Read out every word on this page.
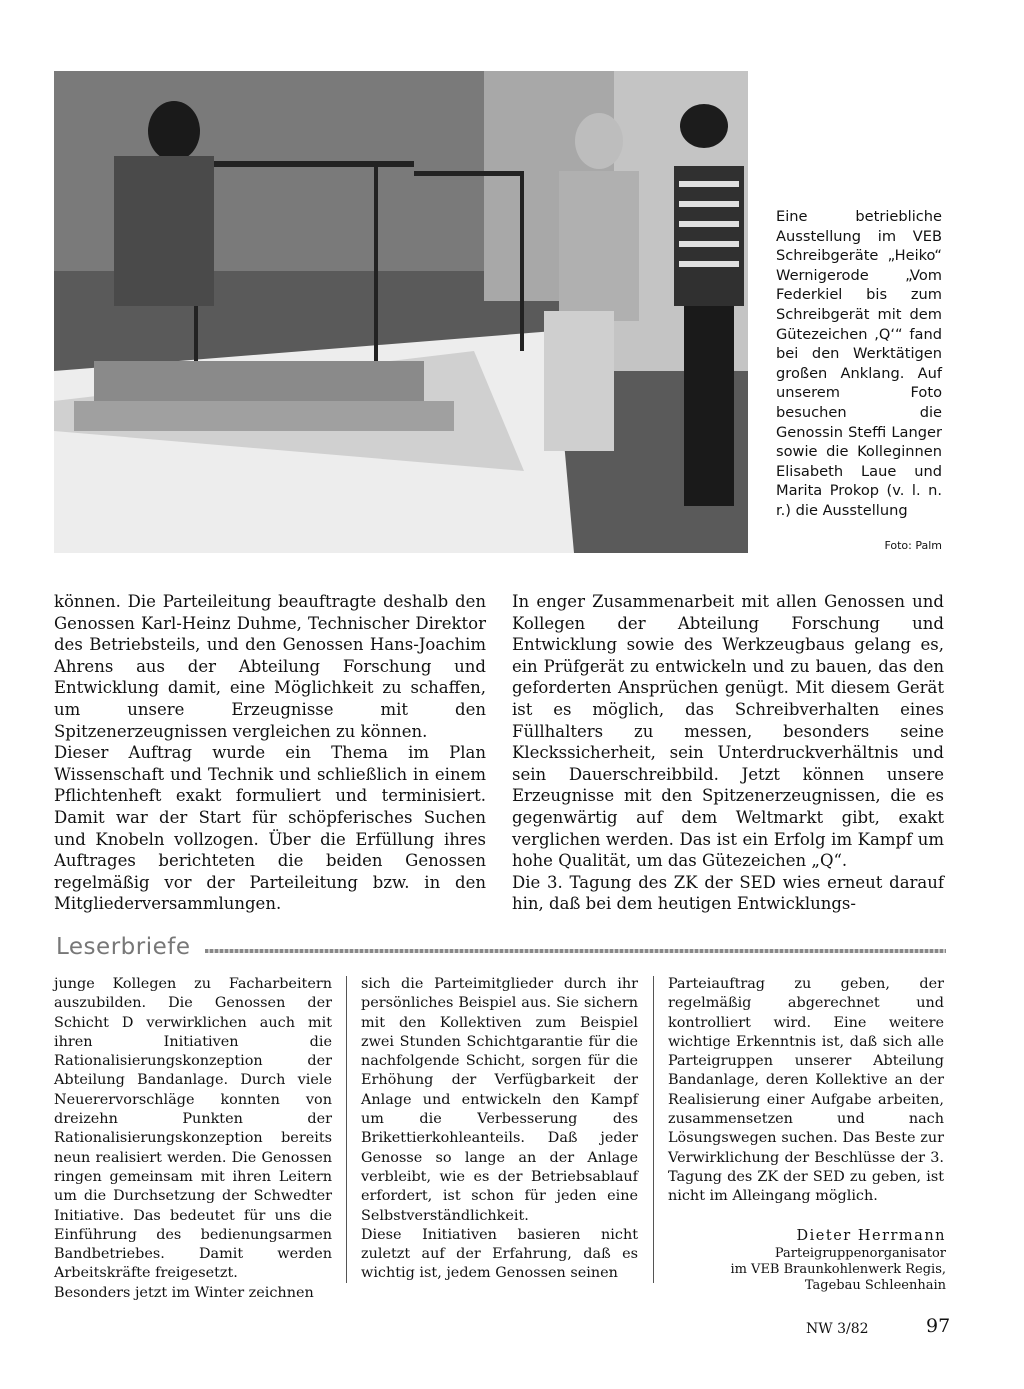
Eine betriebliche Ausstellung im VEB Schreibgeräte „Heiko“ Wernigerode „Vom Federkiel bis zum Schreibgerät mit dem Gütezeichen ,Q‘“ fand bei den Werktätigen großen Anklang. Auf unserem Foto besuchen die Genossin Steffi Langer sowie die Kolleginnen Elisabeth Laue und Marita Prokop (v. l. n. r.) die Ausstellung
Foto: Palm

können. Die Parteileitung beauftragte deshalb den Genossen Karl-Heinz Duhme, Technischer Direktor des Betriebsteils, und den Genossen Hans-Joachim Ahrens aus der Abteilung Forschung und Entwicklung damit, eine Möglichkeit zu schaffen, um unsere Erzeugnisse mit den Spitzenerzeugnissen vergleichen zu können.

Dieser Auftrag wurde ein Thema im Plan Wissenschaft und Technik und schließlich in einem Pflichtenheft exakt formuliert und terminisiert. Damit war der Start für schöpferisches Suchen und Knobeln vollzogen. Über die Erfüllung ihres Auftrages berichteten die beiden Genossen regelmäßig vor der Parteileitung bzw. in den Mitgliederversammlungen.

In enger Zusammenarbeit mit allen Genossen und Kollegen der Abteilung Forschung und Entwicklung sowie des Werkzeugbaus gelang es, ein Prüfgerät zu entwickeln und zu bauen, das den geforderten Ansprüchen genügt. Mit diesem Gerät ist es möglich, das Schreibverhalten eines Füllhalters zu messen, besonders seine Kleckssicherheit, sein Unterdruckverhältnis und sein Dauerschreibbild. Jetzt können unsere Erzeugnisse mit den Spitzenerzeugnissen, die es gegenwärtig auf dem Weltmarkt gibt, exakt verglichen werden. Das ist ein Erfolg im Kampf um hohe Qualität, um das Gütezeichen „Q“.

Die 3. Tagung des ZK der SED wies erneut darauf hin, daß bei dem heutigen Entwicklungs-

Leserbriefe

junge Kollegen zu Facharbeitern auszubilden. Die Genossen der Schicht D verwirklichen auch mit ihren Initiativen die Rationalisierungskonzeption der Abteilung Bandanlage. Durch viele Neuerervorschläge konnten von dreizehn Punkten der Rationalisierungskonzeption bereits neun realisiert werden. Die Genossen ringen gemeinsam mit ihren Leitern um die Durchsetzung der Schwedter Initiative. Das bedeutet für uns die Einführung des bedienungsarmen Bandbetriebes. Damit werden Arbeitskräfte freigesetzt.

Besonders jetzt im Winter zeichnen

sich die Parteimitglieder durch ihr persönliches Beispiel aus. Sie sichern mit den Kollektiven zum Beispiel zwei Stunden Schichtgarantie für die nachfolgende Schicht, sorgen für die Erhöhung der Verfügbarkeit der Anlage und entwickeln den Kampf um die Verbesserung des Brikettierkohleanteils. Daß jeder Genosse so lange an der Anlage verbleibt, wie es der Betriebsablauf erfordert, ist schon für jeden eine Selbstverständlichkeit.

Diese Initiativen basieren nicht zuletzt auf der Erfahrung, daß es wichtig ist, jedem Genossen seinen

Parteiauftrag zu geben, der regelmäßig abgerechnet und kontrolliert wird. Eine weitere wichtige Erkenntnis ist, daß sich alle Parteigruppen unserer Abteilung Bandanlage, deren Kollektive an der Realisierung einer Aufgabe arbeiten, zusammensetzen und nach Lösungswegen suchen. Das Beste zur Verwirklichung der Beschlüsse der 3. Tagung des ZK der SED zu geben, ist nicht im Alleingang möglich.

Dieter Herrmann
Parteigruppenorganisator
im VEB Braunkohlenwerk Regis,
Tagebau Schleenhain
NW 3/82	97
